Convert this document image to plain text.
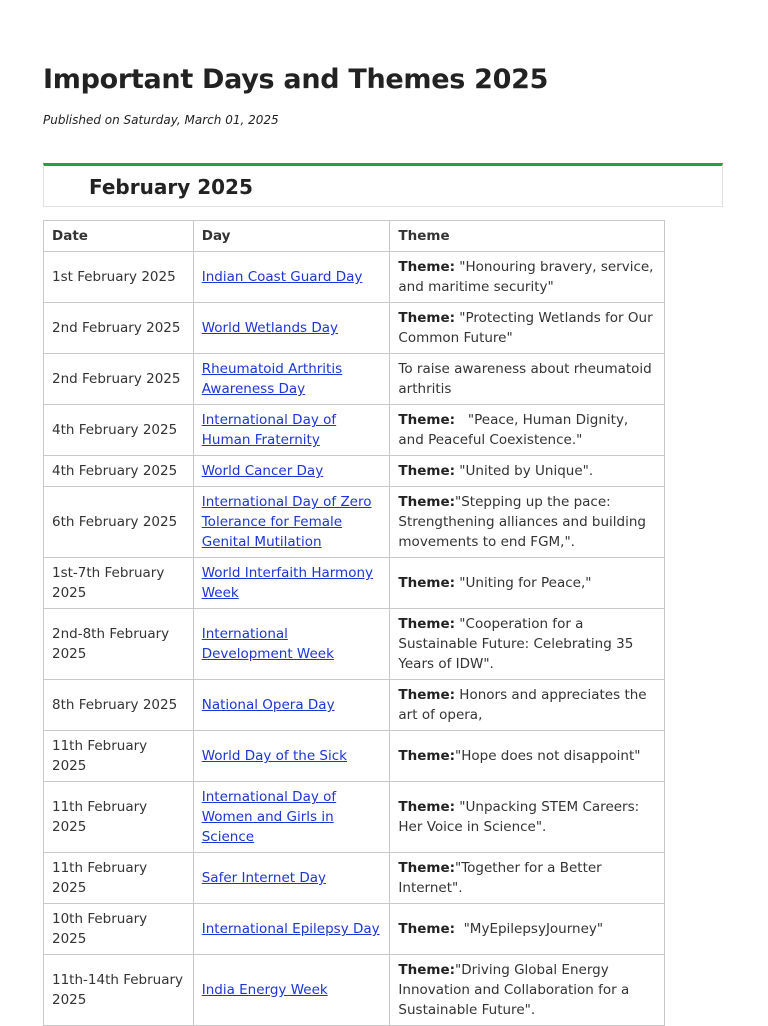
Important Days and Themes 2025
Published on Saturday, March 01, 2025
February 2025
Date	Day	Theme
1st February 2025	Indian Coast Guard Day	Theme: "Honouring bravery, service, and maritime security"
2nd February 2025	World Wetlands Day	Theme: "Protecting Wetlands for Our Common Future"
2nd February 2025	Rheumatoid Arthritis Awareness Day	To raise awareness about rheumatoid arthritis
4th February 2025	International Day of Human Fraternity	Theme:   "Peace, Human Dignity, and Peaceful Coexistence."
4th February 2025	World Cancer Day	Theme: "United by Unique".
6th February 2025	International Day of Zero Tolerance for Female Genital Mutilation	Theme:"Stepping up the pace: Strengthening alliances and building movements to end FGM,".
1st-7th February 2025	World Interfaith Harmony Week	Theme: "Uniting for Peace,"
2nd-8th February 2025	International Development Week	Theme: "Cooperation for a Sustainable Future: Celebrating 35 Years of IDW".
8th February 2025	National Opera Day	Theme: Honors and appreciates the art of opera,
11th February 2025	World Day of the Sick	Theme:"Hope does not disappoint"
11th February 2025	International Day of Women and Girls in Science	Theme: "Unpacking STEM Careers: Her Voice in Science".
11th February 2025	Safer Internet Day	Theme:"Together for a Better Internet".
10th February 2025	International Epilepsy Day	Theme:  "MyEpilepsyJourney"
11th-14th February 2025	India Energy Week	Theme:"Driving Global Energy Innovation and Collaboration for a Sustainable Future".
